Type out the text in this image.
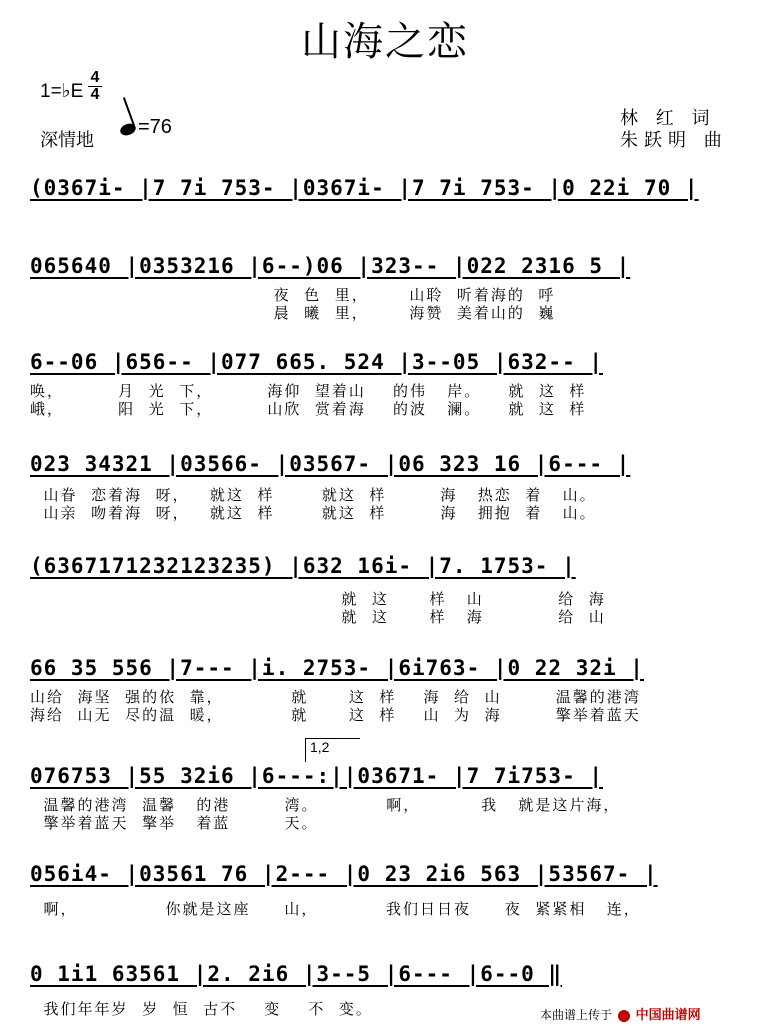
山海之恋
1=♭E
4
4
深情地
=76	林 红 词
朱跃明 曲
(0367i- |7 7i 753- |0367i- |7 7i 753- |0 22i 70 |
065640 |0353216 |6--)06 |323-- |022 2316 5 |
夜  色  里，      山聆  听着海的  呼
晨  曦  里，      海赞  美着山的  巍
6--06 |656-- |077 665. 524 |3--05 |632-- |
唤，        月  光  下，        海仰  望着山    的伟   岸。    就  这  样
峨，        阳  光  下，        山欣  赏着海    的波   澜。    就  这  样
023 34321 |03566- |03567- |06 323 16 |6--- |
山眷  恋着海  呀，   就这  样       就这  样        海   热恋  着   山。
山亲  吻着海  呀，   就这  样       就这  样        海   拥抱  着   山。
(6367171232123235) |632 16i- |7. 1753- |
就  这      样   山           给  海
就  这      样   海           给  山
66 35 556 |7--- |i. 2753- |6i763- |0 22 32i |
山给  海坚  强的依  靠，          就      这  样    海  给  山        温馨的港湾
海给  山无  尽的温  暖，          就      这  样    山  为  海        擎举着蓝天
1,2
076753 |55 32i6 |6---:||03671- |7 7i753- |
温馨的港湾  温馨   的港        湾。          啊，         我   就是这片海，
擎举着蓝天  擎举   着蓝        天。
056i4- |03561 76 |2--- |0 23 2i6 563 |53567- |
啊，             你就是这座     山，          我们日日夜     夜  紧紧相   连，
0 1i1 63561 |2. 2i6 |3--5 |6--- |6--0 ‖
我们年年岁  岁  恒  古不    变    不  变。	本曲谱上传于 中国曲谱网
